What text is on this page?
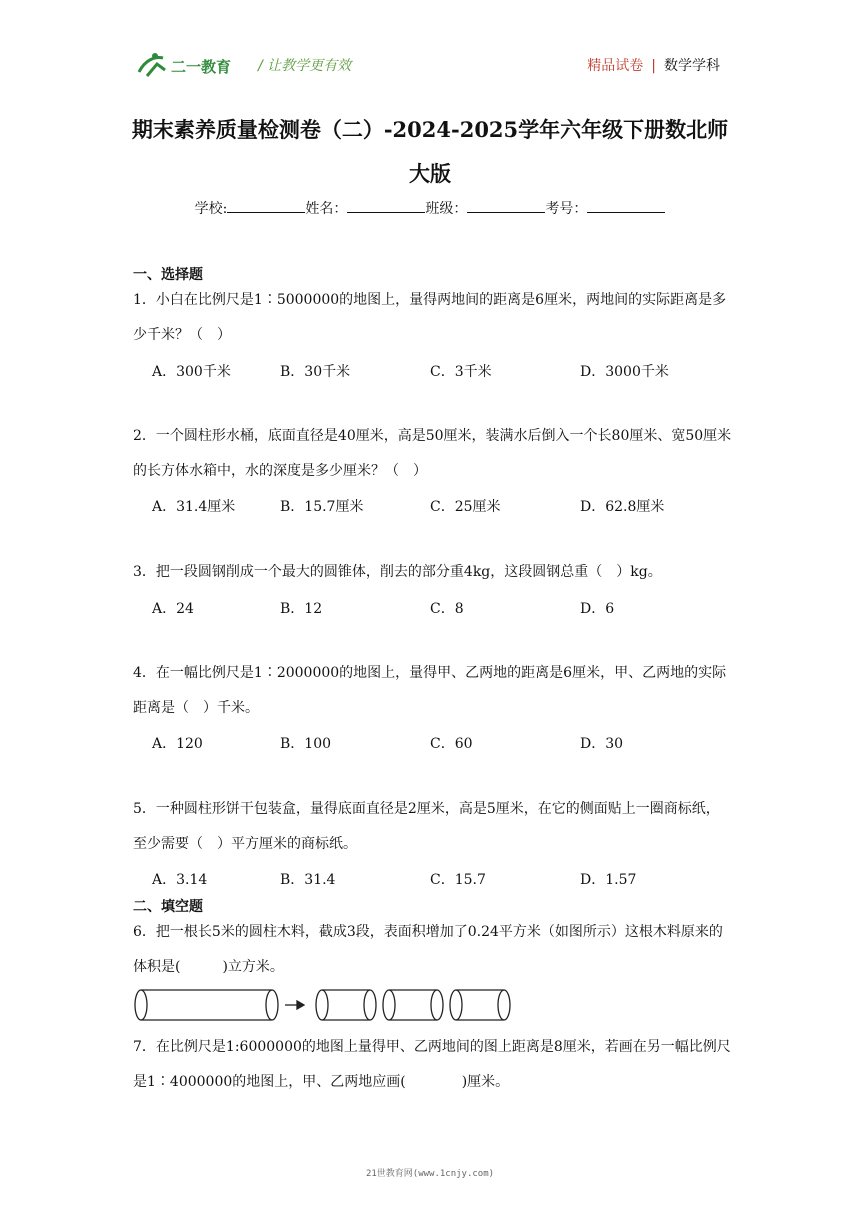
二一教育 / 让教学更有效	精品试卷 | 数学学科
期末素养质量检测卷（二）-2024-2025学年六年级下册数北师
大版
学校:	姓名：	班级：	考号：
一、选择题
1．小白在比例尺是1∶5000000的地图上，量得两地间的距离是6厘米，两地间的实际距离是多少千米？（　）
A．300千米	B．30千米	C．3千米	D．3000千米
2．一个圆柱形水桶，底面直径是40厘米，高是50厘米，装满水后倒入一个长80厘米、宽50厘米的长方体水箱中，水的深度是多少厘米？（　）
A．31.4厘米	B．15.7厘米	C．25厘米	D．62.8厘米
3．把一段圆钢削成一个最大的圆锥体，削去的部分重4kg，这段圆钢总重（　）kg。
A．24	B．12	C．8	D．6
4．在一幅比例尺是1∶2000000的地图上，量得甲、乙两地的距离是6厘米，甲、乙两地的实际距离是（　）千米。
A．120	B．100	C．60	D．30
5．一种圆柱形饼干包装盒，量得底面直径是2厘米，高是5厘米，在它的侧面贴上一圈商标纸，至少需要（　）平方厘米的商标纸。
A．3.14	B．31.4	C．15.7	D．1.57
二、填空题
6．把一根长5米的圆柱木料，截成3段，表面积增加了0.24平方米（如图所示）这根木料原来的体积是(　　　)立方米。
7．在比例尺是1:6000000的地图上量得甲、乙两地间的图上距离是8厘米，若画在另一幅比例尺是1∶4000000的地图上，甲、乙两地应画(　　　　)厘米。
21世教育网(www.1cnjy.com)
